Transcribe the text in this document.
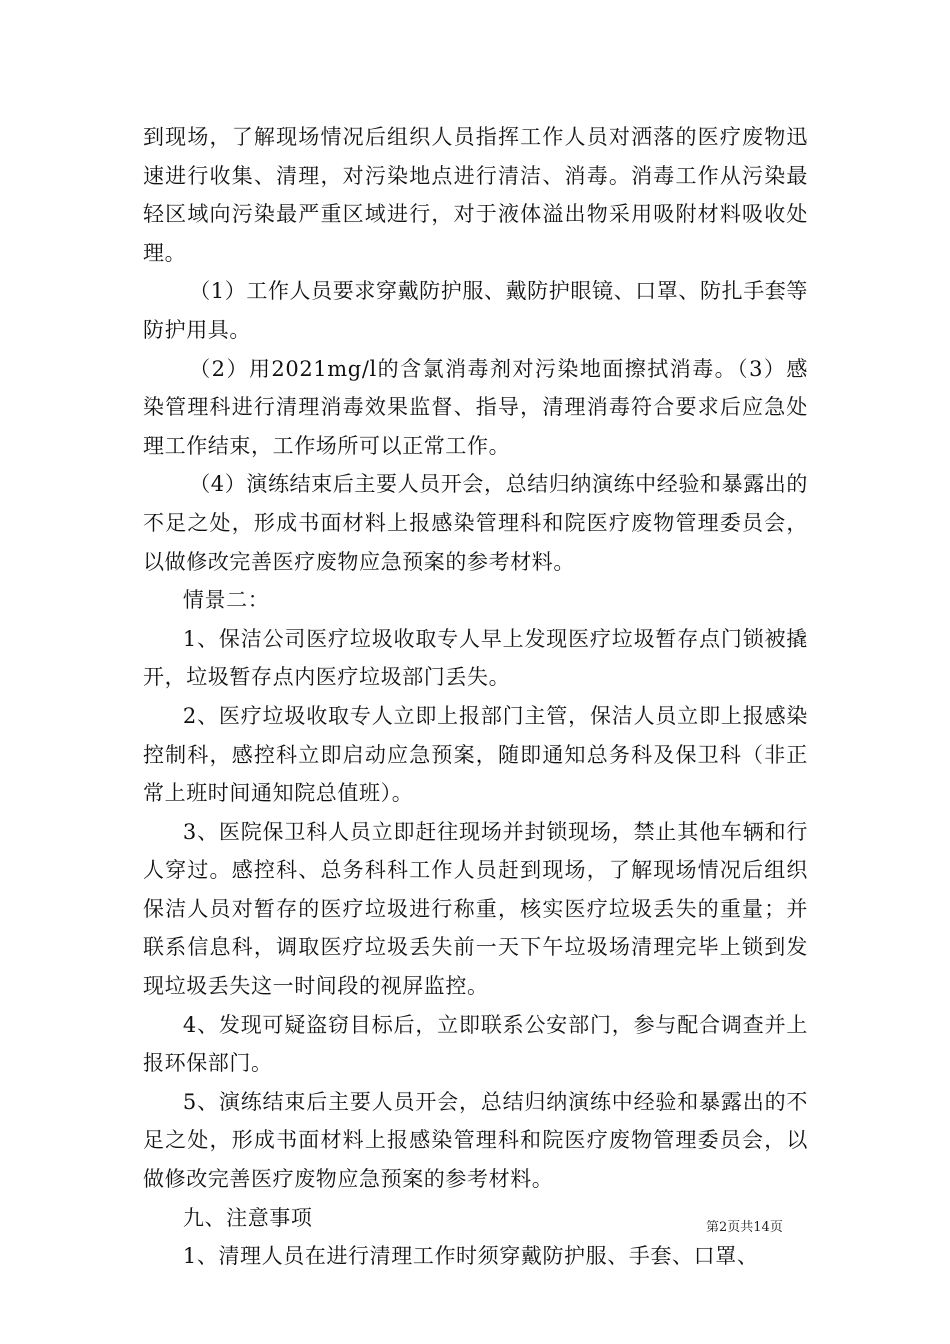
到现场，了解现场情况后组织人员指挥工作人员对洒落的医疗废物迅速进行收集、清理，对污染地点进行清洁、消毒。消毒工作从污染最轻区域向污染最严重区域进行，对于液体溢出物采用吸附材料吸收处理。

（1）工作人员要求穿戴防护服、戴防护眼镜、口罩、防扎手套等防护用具。

（2）用2021mg/l的含氯消毒剂对污染地面擦拭消毒。（3）感染管理科进行清理消毒效果监督、指导，清理消毒符合要求后应急处理工作结束，工作场所可以正常工作。

（4）演练结束后主要人员开会，总结归纳演练中经验和暴露出的不足之处，形成书面材料上报感染管理科和院医疗废物管理委员会，以做修改完善医疗废物应急预案的参考材料。

情景二：

1、保洁公司医疗垃圾收取专人早上发现医疗垃圾暂存点门锁被撬开，垃圾暂存点内医疗垃圾部门丢失。

2、医疗垃圾收取专人立即上报部门主管，保洁人员立即上报感染控制科，感控科立即启动应急预案，随即通知总务科及保卫科（非正常上班时间通知院总值班）。

3、医院保卫科人员立即赶往现场并封锁现场，禁止其他车辆和行人穿过。感控科、总务科科工作人员赶到现场，了解现场情况后组织保洁人员对暂存的医疗垃圾进行称重，核实医疗垃圾丢失的重量；并联系信息科，调取医疗垃圾丢失前一天下午垃圾场清理完毕上锁到发现垃圾丢失这一时间段的视屏监控。

4、发现可疑盗窃目标后，立即联系公安部门，参与配合调查并上报环保部门。

5、演练结束后主要人员开会，总结归纳演练中经验和暴露出的不足之处，形成书面材料上报感染管理科和院医疗废物管理委员会，以做修改完善医疗废物应急预案的参考材料。

九、注意事项

1、清理人员在进行清理工作时须穿戴防护服、手套、口罩、

第2页共14页
